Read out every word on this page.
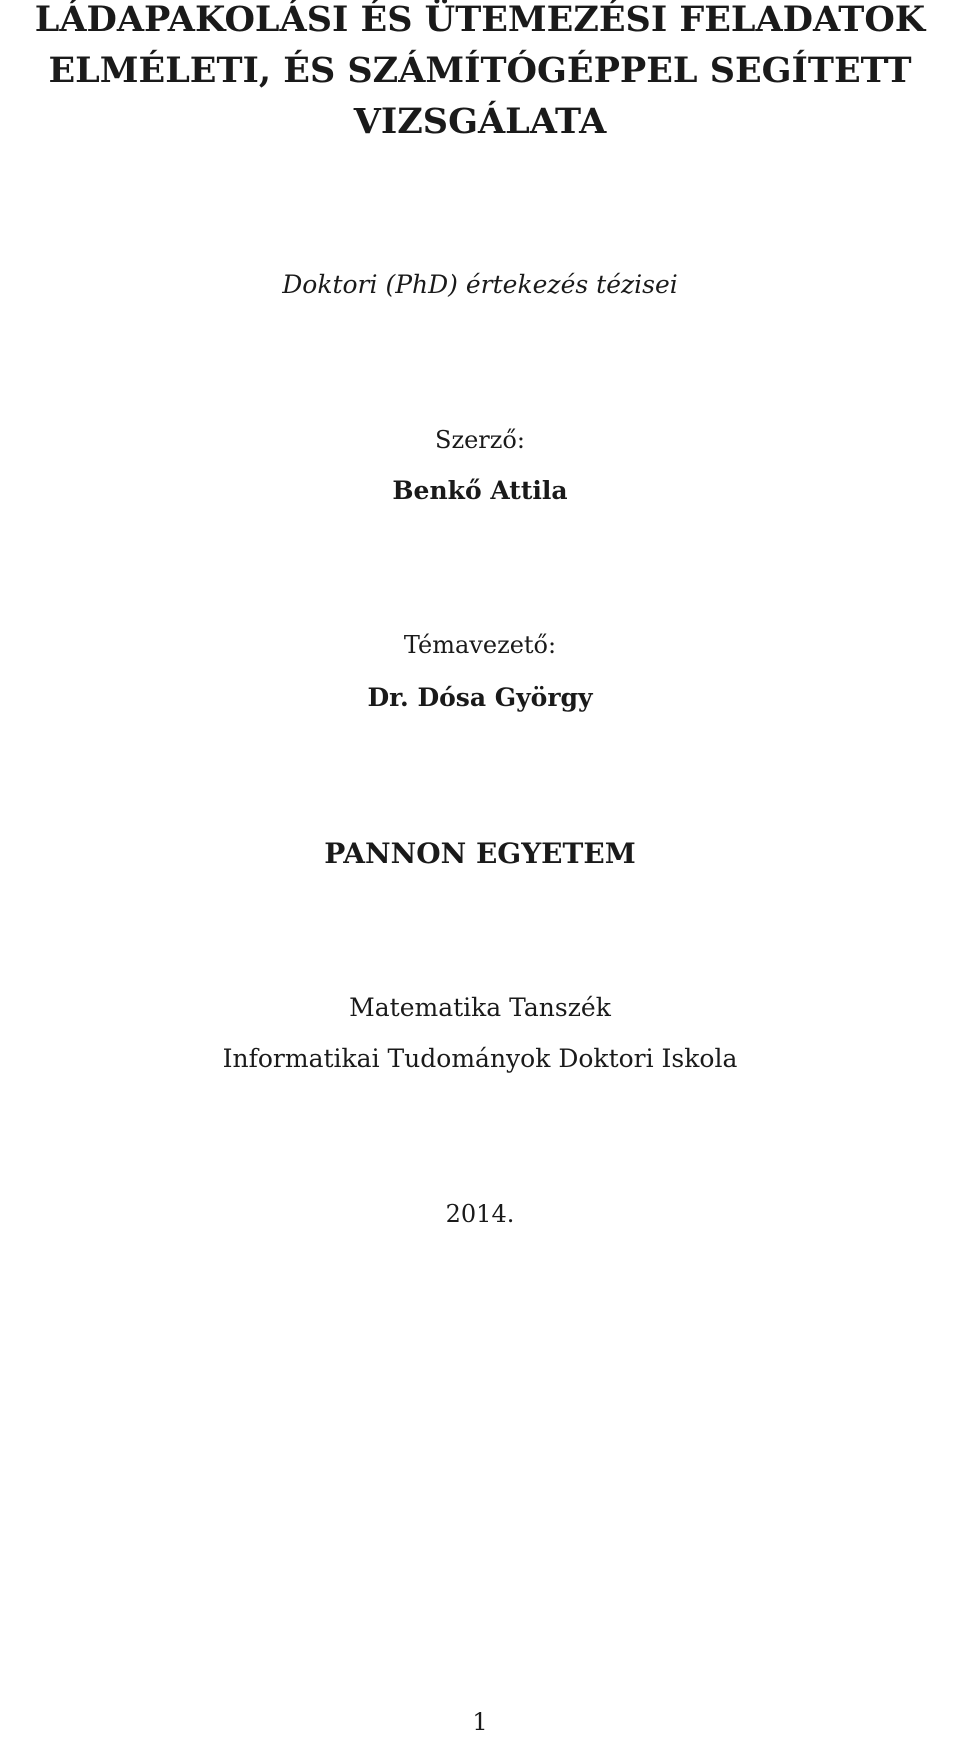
LÁDAPAKOLÁSI ÉS ÜTEMEZÉSI FELADATOK
ELMÉLETI, ÉS SZÁMÍTÓGÉPPEL SEGÍTETT
VIZSGÁLATA

Doktori (PhD) értekezés tézisei

Szerző:

Benkő Attila

Témavezető:

Dr. Dósa György

PANNON EGYETEM

Matematika Tanszék

Informatikai Tudományok Doktori Iskola

2014.

1
